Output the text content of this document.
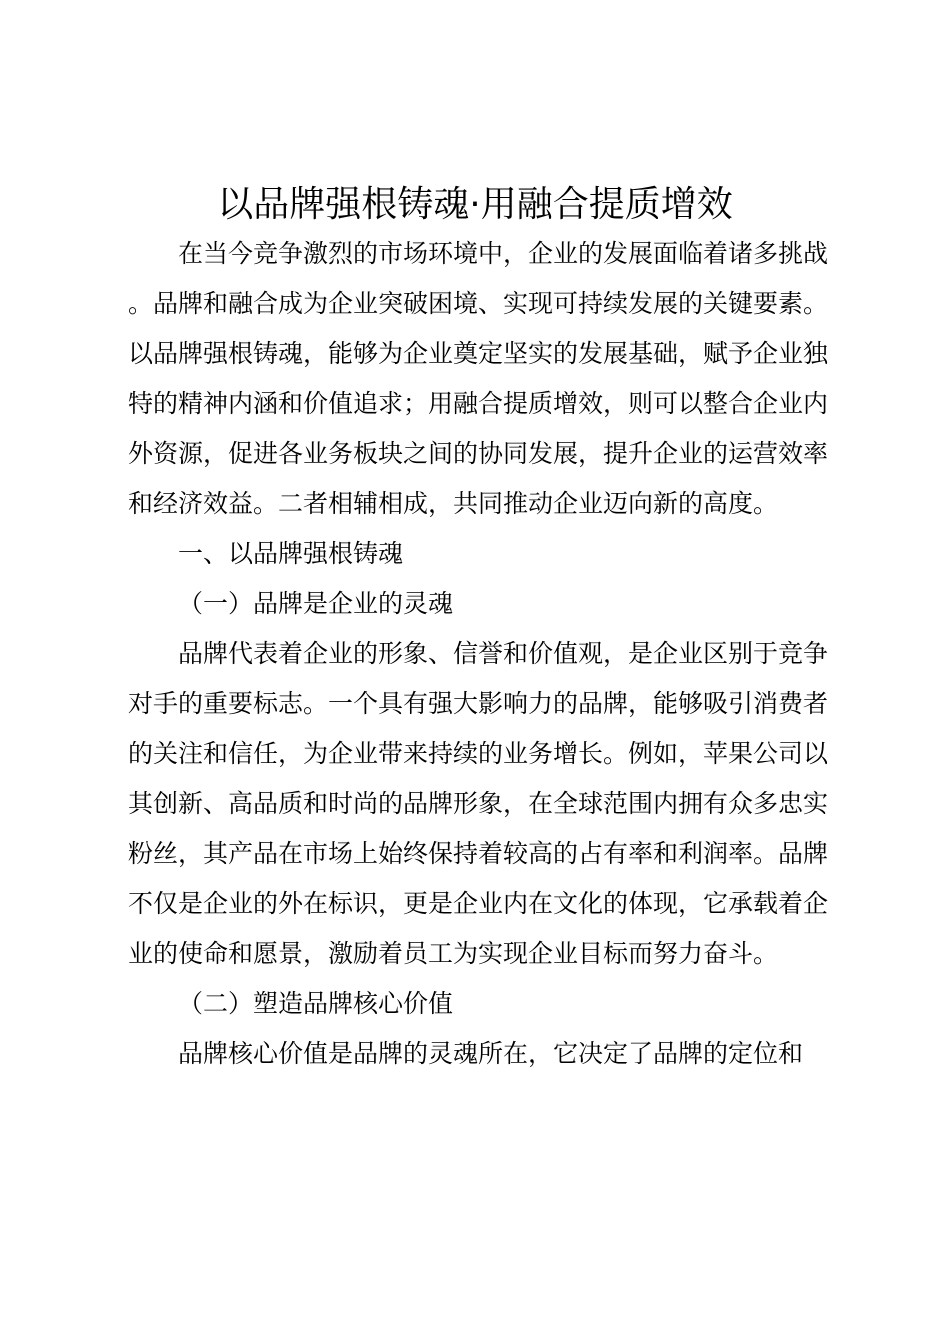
以品牌强根铸魂·用融合提质增效

在当今竞争激烈的市场环境中，企业的发展面临着诸多挑战。品牌和融合成为企业突破困境、实现可持续发展的关键要素。以品牌强根铸魂，能够为企业奠定坚实的发展基础，赋予企业独特的精神内涵和价值追求；用融合提质增效，则可以整合企业内外资源，促进各业务板块之间的协同发展，提升企业的运营效率和经济效益。二者相辅相成，共同推动企业迈向新的高度。

一、以品牌强根铸魂

（一）品牌是企业的灵魂

品牌代表着企业的形象、信誉和价值观，是企业区别于竞争对手的重要标志。一个具有强大影响力的品牌，能够吸引消费者的关注和信任，为企业带来持续的业务增长。例如，苹果公司以其创新、高品质和时尚的品牌形象，在全球范围内拥有众多忠实粉丝，其产品在市场上始终保持着较高的占有率和利润率。品牌不仅是企业的外在标识，更是企业内在文化的体现，它承载着企业的使命和愿景，激励着员工为实现企业目标而努力奋斗。

（二）塑造品牌核心价值

品牌核心价值是品牌的灵魂所在，它决定了品牌的定位和
